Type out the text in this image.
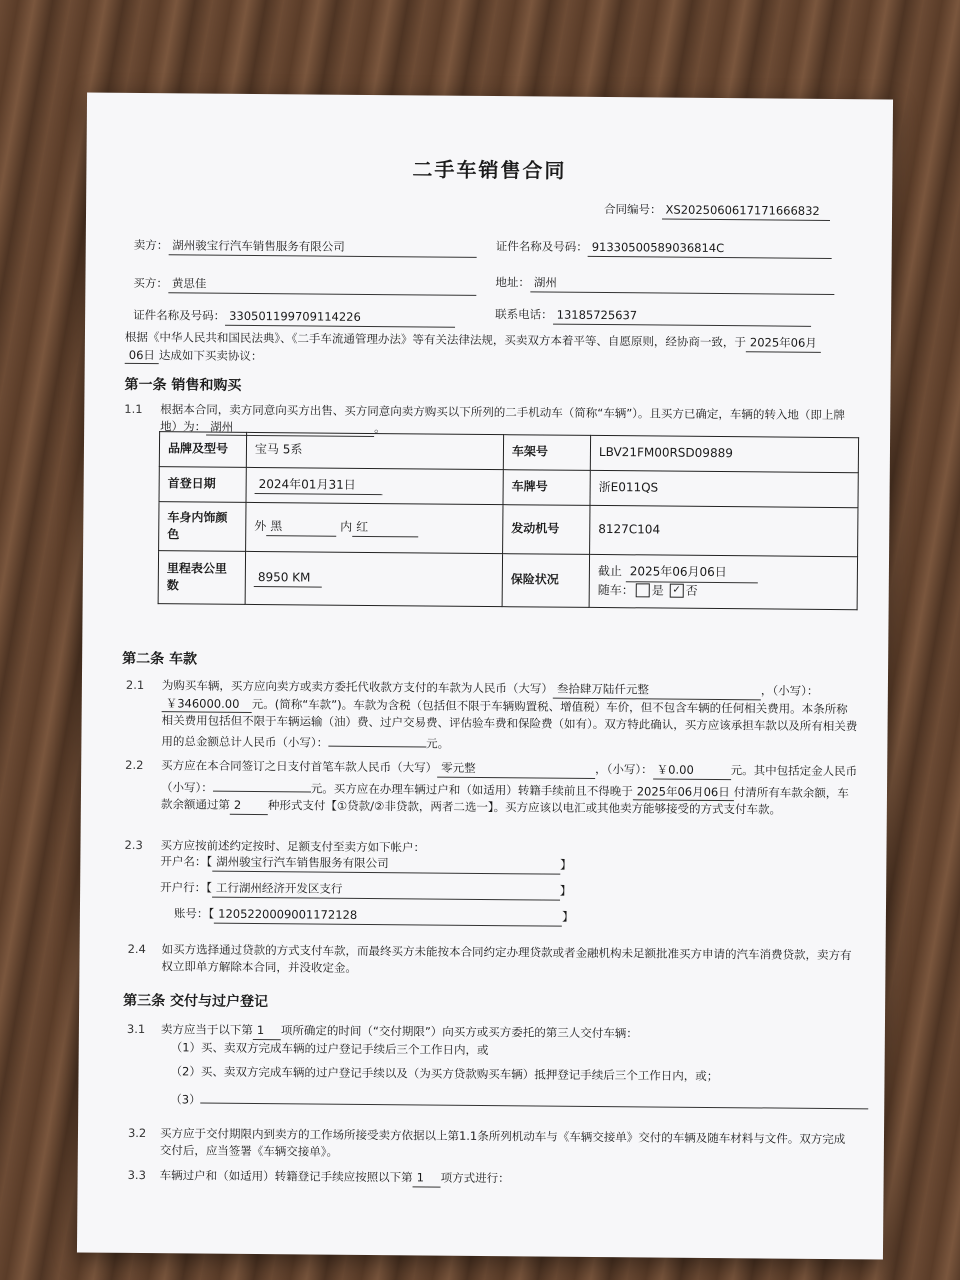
二手车销售合同
合同编号： XS2025060617171666832
卖方： 湖州骏宝行汽车销售服务有限公司	证件名称及号码： 91330500589036814C
买方： 黄思佳	地址： 湖州
证件名称及号码： 330501199709114226	联系电话： 13185725637
根据《中华人民共和国民法典》、《二手车流通管理办法》等有关法律法规，买卖双方本着平等、自愿原则，经协商一致，于 2025年06月06日 达成如下买卖协议：
第一条 销售和购买
1.1 根据本合同，卖方同意向买方出售、买方同意向卖方购买以下所列的二手机动车（简称“车辆”）。且买方已确定，车辆的转入地（即上牌地）为： 湖州	。
品牌及型号	宝马 5系	车架号	LBV21FM00RSD09889
首登日期	2024年01月31日	车牌号	浙E011QS
车身内饰颜色	外 黑 内 红	发动机号	8127C104
里程表公里数	8950 KM	保险状况	截止 2025年06月06日
随车： 是 ✓ 否
第二条 车款
2.1 为购买车辆，买方应向卖方或卖方委托代收款方支付的车款为人民币（大写） 叁拾肆万陆仟元整	，（小写）：￥346000.00 元。(简称“车款”)。车款为含税（包括但不限于车辆购置税、增值税）车价，但不包含车辆的任何相关费用。本条所称相关费用包括但不限于车辆运输（油）费、过户交易费、评估验车费和保险费（如有）。双方特此确认，买方应该承担车款以及所有相关费用的总金额总计人民币（小写）：	元。
2.2 买方应在本合同签订之日支付首笔车款人民币（大写） 零元整	，（小写）： ￥0.00	元。其中包括定金人民币（小写）：	元。买方应在办理车辆过户和（如适用）转籍手续前且不得晚于 2025年06月06日 付清所有车款余额，车款余额通过第 2 种形式支付【①贷款/②非贷款，两者二选一】。买方应该以电汇或其他卖方能够接受的方式支付车款。
2.3 买方应按前述约定按时、足额支付至卖方如下帐户：
开户名：【 湖州骏宝行汽车销售服务有限公司	】
开户行：【 工行湖州经济开发区支行	】
账号：【 1205220009001172128	】
2.4 如买方选择通过贷款的方式支付车款，而最终买方未能按本合同约定办理贷款或者金融机构未足额批准买方申请的汽车消费贷款，卖方有权立即单方解除本合同，并没收定金。
第三条 交付与过户登记
3.1 卖方应当于以下第 1 项所确定的时间（“交付期限”）向买方或买方委托的第三人交付车辆：
（1）买、卖双方完成车辆的过户登记手续后三个工作日内，或
（2）买、卖双方完成车辆的过户登记手续以及（为买方贷款购买车辆）抵押登记手续后三个工作日内，或；
（3）
3.2 买方应于交付期限内到卖方的工作场所接受卖方依据以上第1.1条所列机动车与《车辆交接单》交付的车辆及随车材料与文件。双方完成交付后，应当签署《车辆交接单》。
3.3 车辆过户和（如适用）转籍登记手续应按照以下第 1 项方式进行：
